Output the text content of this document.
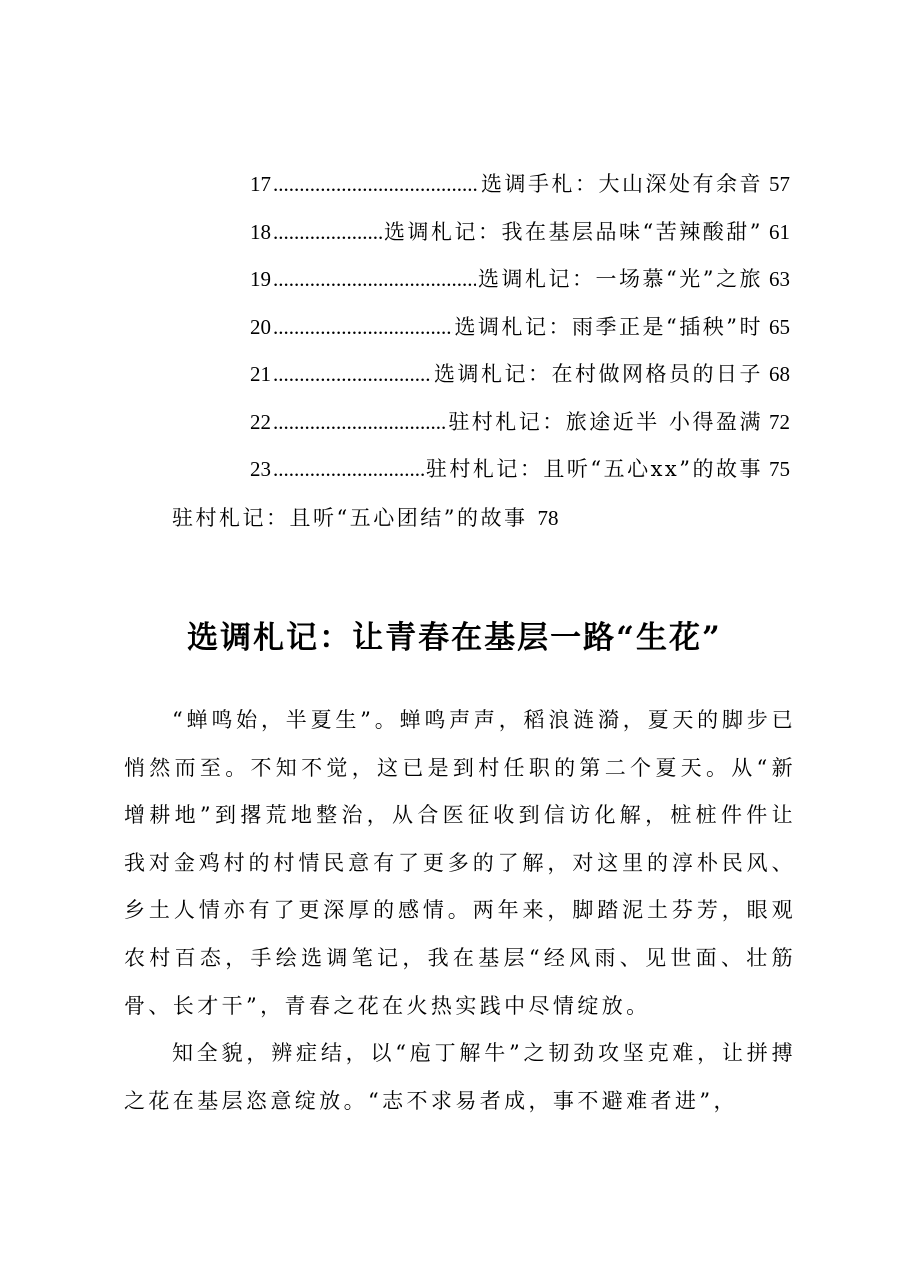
17 .....	选调手札：大山深处有余音 57
18 .....	选调札记：我在基层品味“苦辣酸甜” 61
19 .....	选调札记：一场慕“光”之旅 63
20 .....	选调札记：雨季正是“插秧”时 65
21 .....	选调札记：在村做网格员的日子 68
22 .....	驻村札记：旅途近半 小得盈满 72
23 .....	驻村札记：且听“五心xx”的故事 75
驻村札记：且听“五心团结”的故事 78
选调札记：让青春在基层一路“生花”

“蝉鸣始，半夏生”。蝉鸣声声，稻浪涟漪，夏天的脚步已悄然而至。不知不觉，这已是到村任职的第二个夏天。从“新增耕地”到撂荒地整治，从合医征收到信访化解，桩桩件件让我对金鸡村的村情民意有了更多的了解，对这里的淳朴民风、乡土人情亦有了更深厚的感情。两年来，脚踏泥土芬芳，眼观农村百态，手绘选调笔记，我在基层“经风雨、见世面、壮筋骨、长才干”，青春之花在火热实践中尽情绽放。

知全貌，辨症结，以“庖丁解牛”之韧劲攻坚克难，让拼搏之花在基层恣意绽放。“志不求易者成，事不避难者进”，
